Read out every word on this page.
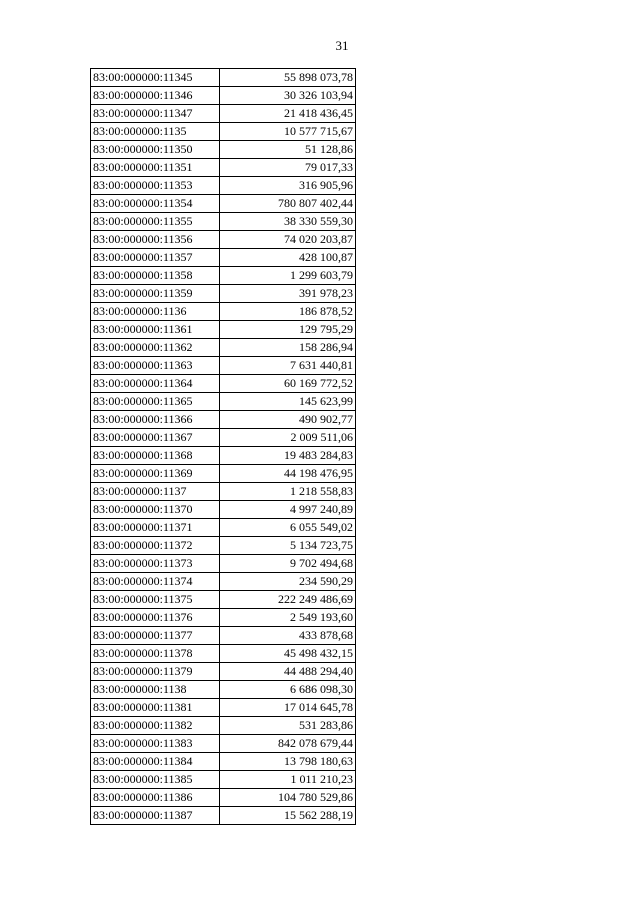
31
83:00:000000:11345	55 898 073,78
83:00:000000:11346	30 326 103,94
83:00:000000:11347	21 418 436,45
83:00:000000:1135	10 577 715,67
83:00:000000:11350	51 128,86
83:00:000000:11351	79 017,33
83:00:000000:11353	316 905,96
83:00:000000:11354	780 807 402,44
83:00:000000:11355	38 330 559,30
83:00:000000:11356	74 020 203,87
83:00:000000:11357	428 100,87
83:00:000000:11358	1 299 603,79
83:00:000000:11359	391 978,23
83:00:000000:1136	186 878,52
83:00:000000:11361	129 795,29
83:00:000000:11362	158 286,94
83:00:000000:11363	7 631 440,81
83:00:000000:11364	60 169 772,52
83:00:000000:11365	145 623,99
83:00:000000:11366	490 902,77
83:00:000000:11367	2 009 511,06
83:00:000000:11368	19 483 284,83
83:00:000000:11369	44 198 476,95
83:00:000000:1137	1 218 558,83
83:00:000000:11370	4 997 240,89
83:00:000000:11371	6 055 549,02
83:00:000000:11372	5 134 723,75
83:00:000000:11373	9 702 494,68
83:00:000000:11374	234 590,29
83:00:000000:11375	222 249 486,69
83:00:000000:11376	2 549 193,60
83:00:000000:11377	433 878,68
83:00:000000:11378	45 498 432,15
83:00:000000:11379	44 488 294,40
83:00:000000:1138	6 686 098,30
83:00:000000:11381	17 014 645,78
83:00:000000:11382	531 283,86
83:00:000000:11383	842 078 679,44
83:00:000000:11384	13 798 180,63
83:00:000000:11385	1 011 210,23
83:00:000000:11386	104 780 529,86
83:00:000000:11387	15 562 288,19
